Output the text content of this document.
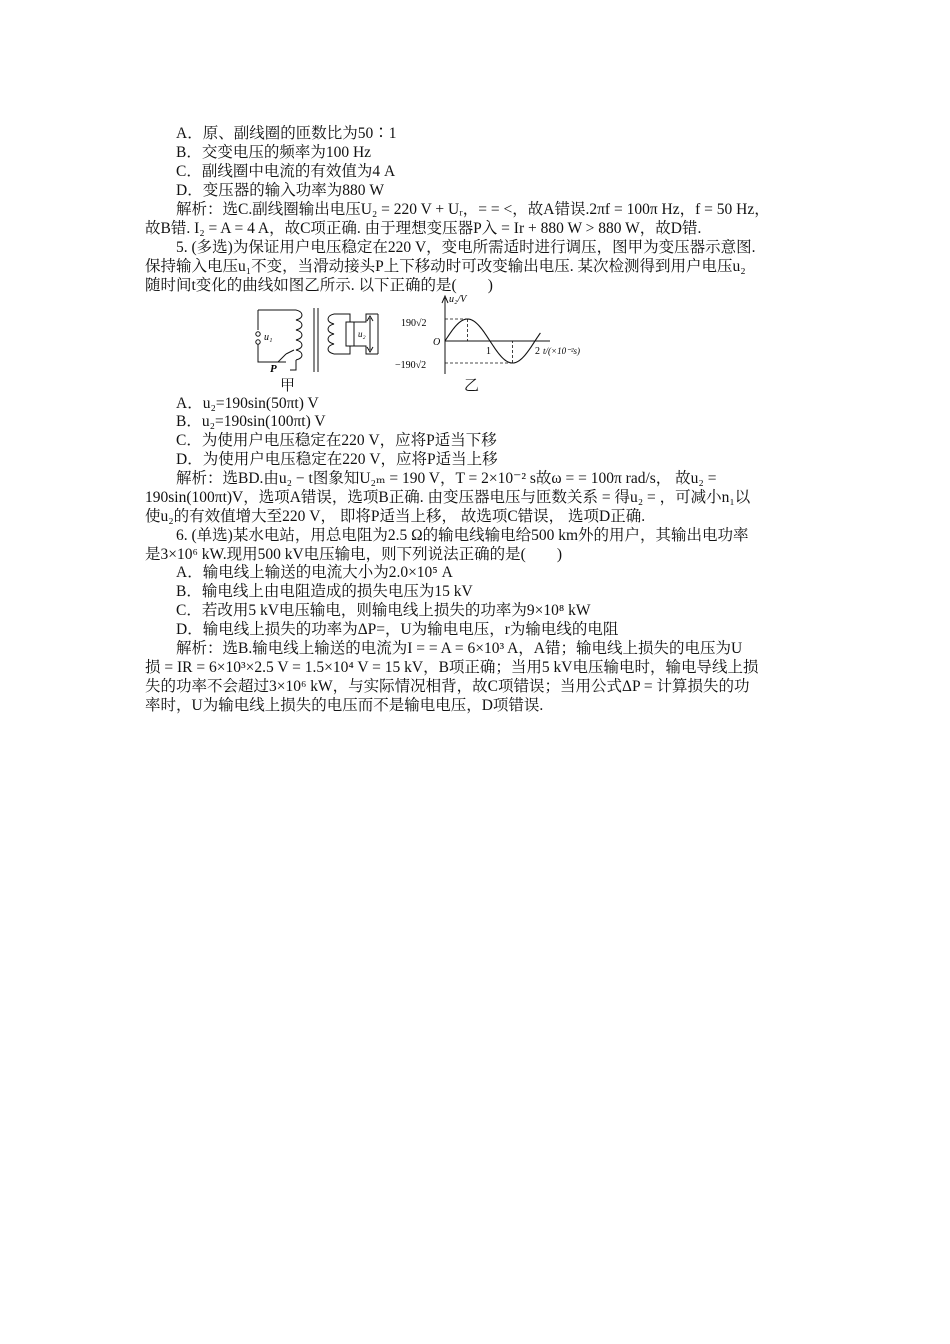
A．原、副线圈的匝数比为50∶1
B．交变电压的频率为100 Hz
C．副线圈中电流的有效值为4 A
D．变压器的输入功率为880 W
解析：选C.副线圈输出电压U₂ = 220 V + Uᵣ，= = <，故A错误.2πf = 100π Hz，f = 50 Hz，
故B错. I₂ = A = 4 A，故C项正确. 由于理想变压器P入 = Ir + 880 W > 880 W，故D错.
5. (多选)为保证用户电压稳定在220 V，变电所需适时进行调压，图甲为变压器示意图.
保持输入电压u₁不变，当滑动接头P上下移动时可改变输出电压. 某次检测得到用户电压u₂
随时间t变化的曲线如图乙所示. 以下正确的是(　　)
u₁	u₂
P
甲
u₂/V
190√2
O
−190√2
1	2 t/(×10⁻²s)
乙
A．u₂=190sin(50πt) V
B．u₂=190sin(100πt) V
C．为使用户电压稳定在220 V，应将P适当下移
D．为使用户电压稳定在220 V，应将P适当上移
解析：选BD.由u₂ − t图象知U₂ₘ = 190 V，T = 2×10⁻² s故ω = = 100π rad/s， 故u₂ =
190sin(100πt)V，选项A错误，选项B正确. 由变压器电压与匝数关系 = 得u₂ = ，可减小n₁以
使u₂的有效值增大至220 V， 即将P适当上移， 故选项C错误， 选项D正确.
6. (单选)某水电站，用总电阻为2.5 Ω的输电线输电给500 km外的用户，其输出电功率
是3×10⁶ kW.现用500 kV电压输电，则下列说法正确的是(　　)
A．输电线上输送的电流大小为2.0×10⁵ A
B．输电线上由电阻造成的损失电压为15 kV
C．若改用5 kV电压输电，则输电线上损失的功率为9×10⁸ kW
D．输电线上损失的功率为ΔP=，U为输电电压，r为输电线的电阻
解析：选B.输电线上输送的电流为I = = A = 6×10³ A，A错；输电线上损失的电压为U
损 = IR = 6×10³×2.5 V = 1.5×10⁴ V = 15 kV，B项正确；当用5 kV电压输电时，输电导线上损
失的功率不会超过3×10⁶ kW，与实际情况相背，故C项错误；当用公式ΔP = 计算损失的功
率时，U为输电线上损失的电压而不是输电电压，D项错误.
